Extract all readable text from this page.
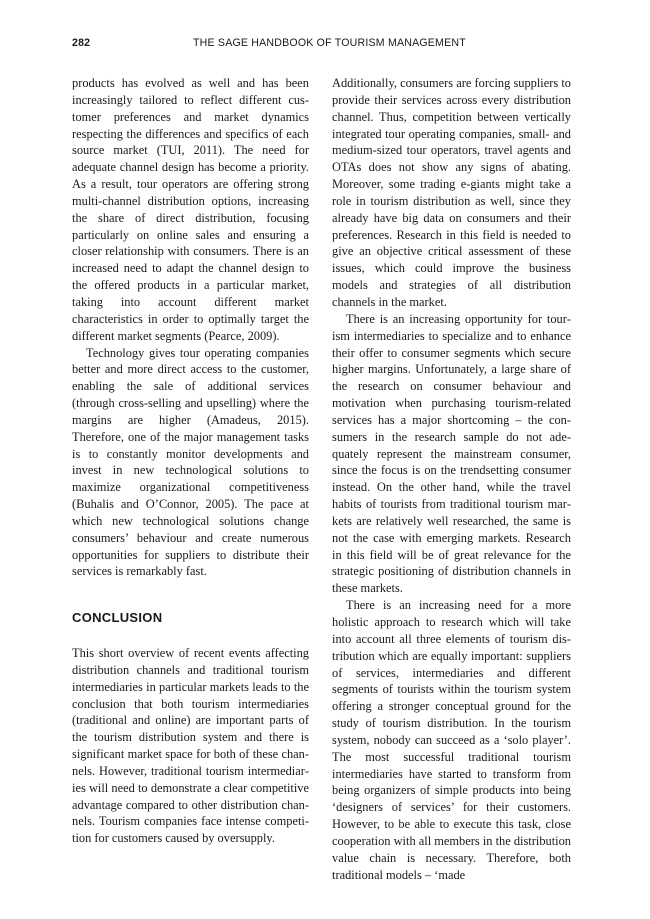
282	THE SAGE HANDBOOK OF TOURISM MANAGEMENT

products has evolved as well and has been increasingly tailored to reflect different customer preferences and market dynamics respecting the differences and specifics of each source market (TUI, 2011). The need for adequate channel design has become a priority. As a result, tour operators are offering strong multi-channel distribution options, increasing the share of direct distribution, focusing particularly on online sales and ensuring a closer relationship with consumers. There is an increased need to adapt the channel design to the offered products in a particular market, taking into account different market characteristics in order to optimally target the different market segments (Pearce, 2009).

Technology gives tour operating companies better and more direct access to the customer, enabling the sale of additional services (through cross-selling and upselling) where the margins are higher (Amadeus, 2015). Therefore, one of the major management tasks is to constantly monitor developments and invest in new technological solutions to maximize organizational competitiveness (Buhalis and O’Connor, 2005). The pace at which new technological solutions change consumers’ behaviour and create numerous opportunities for suppliers to distribute their services is remarkably fast.

CONCLUSION

This short overview of recent events affecting distribution channels and traditional tourism intermediaries in particular markets leads to the conclusion that both tourism intermediaries (traditional and online) are important parts of the tourism distribution system and there is significant market space for both of these channels. However, traditional tourism intermediaries will need to demonstrate a clear competitive advantage compared to other distribution channels. Tourism companies face intense competition for customers caused by oversupply.

Additionally, consumers are forcing suppliers to provide their services across every distribution channel. Thus, competition between vertically integrated tour operating companies, small- and medium-sized tour operators, travel agents and OTAs does not show any signs of abating. Moreover, some trading e-giants might take a role in tourism distribution as well, since they already have big data on consumers and their preferences. Research in this field is needed to give an objective critical assessment of these issues, which could improve the business models and strategies of all distribution channels in the market.

There is an increasing opportunity for tourism intermediaries to specialize and to enhance their offer to consumer segments which secure higher margins. Unfortunately, a large share of the research on consumer behaviour and motivation when purchasing tourism-related services has a major shortcoming – the consumers in the research sample do not adequately represent the mainstream consumer, since the focus is on the trendsetting consumer instead. On the other hand, while the travel habits of tourists from traditional tourism markets are relatively well researched, the same is not the case with emerging markets. Research in this field will be of great relevance for the strategic positioning of distribution channels in these markets.

There is an increasing need for a more holistic approach to research which will take into account all three elements of tourism distribution which are equally important: suppliers of services, intermediaries and different segments of tourists within the tourism system offering a stronger conceptual ground for the study of tourism distribution. In the tourism system, nobody can succeed as a ‘solo player’. The most successful traditional tourism intermediaries have started to transform from being organizers of simple products into being ‘designers of services’ for their customers. However, to be able to execute this task, close cooperation with all members in the distribution value chain is necessary. Therefore, both traditional models – ‘made
